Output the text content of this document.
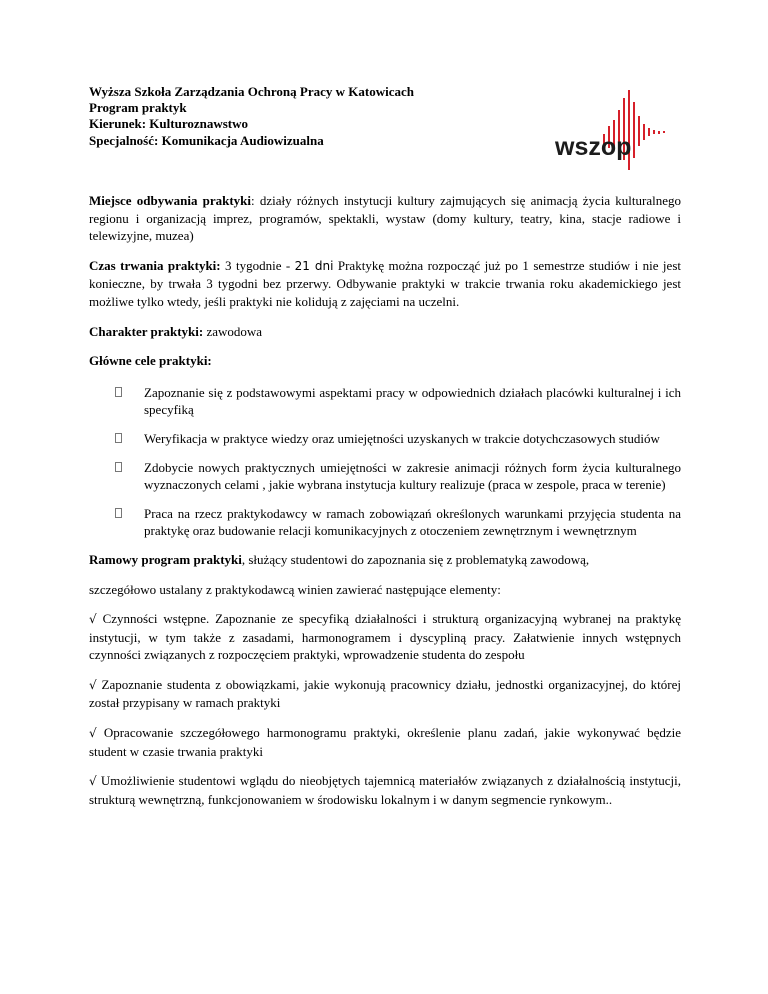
Wyższa Szkoła Zarządzania Ochroną Pracy w Katowicach
Program praktyk
Kierunek: Kulturoznawstwo
Specjalność: Komunikacja Audiowizualna	wszop

Miejsce odbywania praktyki: działy różnych instytucji kultury zajmujących się animacją życia kulturalnego regionu i organizacją imprez, programów, spektakli, wystaw (domy kultury, teatry, kina, stacje radiowe i telewizyjne, muzea)

Czas trwania praktyki: 3 tygodnie - 21 dni Praktykę można rozpocząć już po 1 semestrze studiów i nie jest konieczne, by trwała 3 tygodni bez przerwy. Odbywanie praktyki w trakcie trwania roku akademickiego jest możliwe tylko wtedy, jeśli praktyki nie kolidują z zajęciami na uczelni.

Charakter praktyki: zawodowa

Główne cele praktyki:

Zapoznanie się z podstawowymi aspektami pracy w odpowiednich działach placówki kulturalnej i ich specyfiką
Weryfikacja w praktyce wiedzy oraz umiejętności uzyskanych w trakcie dotychczasowych studiów
Zdobycie nowych praktycznych umiejętności w zakresie animacji różnych form życia kulturalnego wyznaczonych celami , jakie wybrana instytucja kultury realizuje (praca w zespole, praca w terenie)
Praca na rzecz praktykodawcy w ramach zobowiązań określonych warunkami przyjęcia studenta na praktykę oraz budowanie relacji komunikacyjnych z otoczeniem zewnętrznym i wewnętrznym

Ramowy program praktyki, służący studentowi do zapoznania się z problematyką zawodową,

szczegółowo ustalany z praktykodawcą winien zawierać następujące elementy:

√ Czynności wstępne. Zapoznanie ze specyfiką działalności i strukturą organizacyjną wybranej na praktykę instytucji, w tym także z zasadami, harmonogramem i dyscypliną pracy. Załatwienie innych wstępnych czynności związanych z rozpoczęciem praktyki, wprowadzenie studenta do zespołu

√ Zapoznanie studenta z obowiązkami, jakie wykonują pracownicy działu, jednostki organizacyjnej, do której został przypisany w ramach praktyki

√ Opracowanie szczegółowego harmonogramu praktyki, określenie planu zadań, jakie wykonywać będzie student w czasie trwania praktyki

√ Umożliwienie studentowi wglądu do nieobjętych tajemnicą materiałów związanych z działalnością instytucji, strukturą wewnętrzną, funkcjonowaniem w środowisku lokalnym i w danym segmencie rynkowym..
